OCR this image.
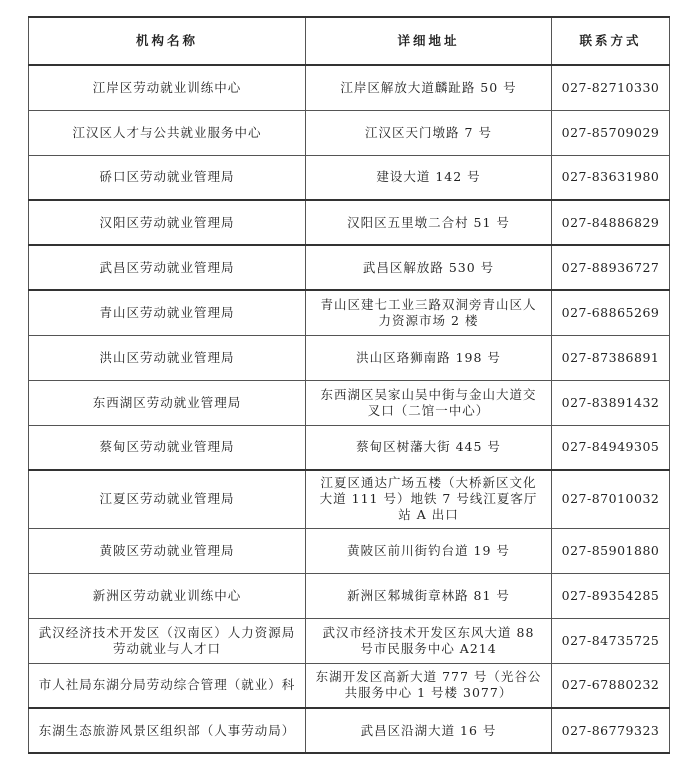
机构名称	详细地址	联系方式
江岸区劳动就业训练中心	江岸区解放大道麟趾路 50 号	027-82710330
江汉区人才与公共就业服务中心	江汉区天门墩路 7 号	027-85709029
硚口区劳动就业管理局	建设大道 142 号	027-83631980
汉阳区劳动就业管理局	汉阳区五里墩二合村 51 号	027-84886829
武昌区劳动就业管理局	武昌区解放路 530 号	027-88936727
青山区劳动就业管理局	青山区建七工业三路双洞旁青山区人力资源市场 2 楼	027-68865269
洪山区劳动就业管理局	洪山区珞狮南路 198 号	027-87386891
东西湖区劳动就业管理局	东西湖区吴家山吴中街与金山大道交叉口（二馆一中心）	027-83891432
蔡甸区劳动就业管理局	蔡甸区树藩大街 445 号	027-84949305
江夏区劳动就业管理局	江夏区通达广场五楼（大桥新区文化大道 111 号）地铁 7 号线江夏客厅站 A 出口	027-87010032
黄陂区劳动就业管理局	黄陂区前川街钓台道 19 号	027-85901880
新洲区劳动就业训练中心	新洲区邾城街章林路 81 号	027-89354285
武汉经济技术开发区（汉南区）人力资源局劳动就业与人才口	武汉市经济技术开发区东风大道 88 号市民服务中心 A214	027-84735725
市人社局东湖分局劳动综合管理（就业）科	东湖开发区高新大道 777 号（光谷公共服务中心 1 号楼 3077）	027-67880232
东湖生态旅游风景区组织部（人事劳动局）	武昌区沿湖大道 16 号	027-86779323
